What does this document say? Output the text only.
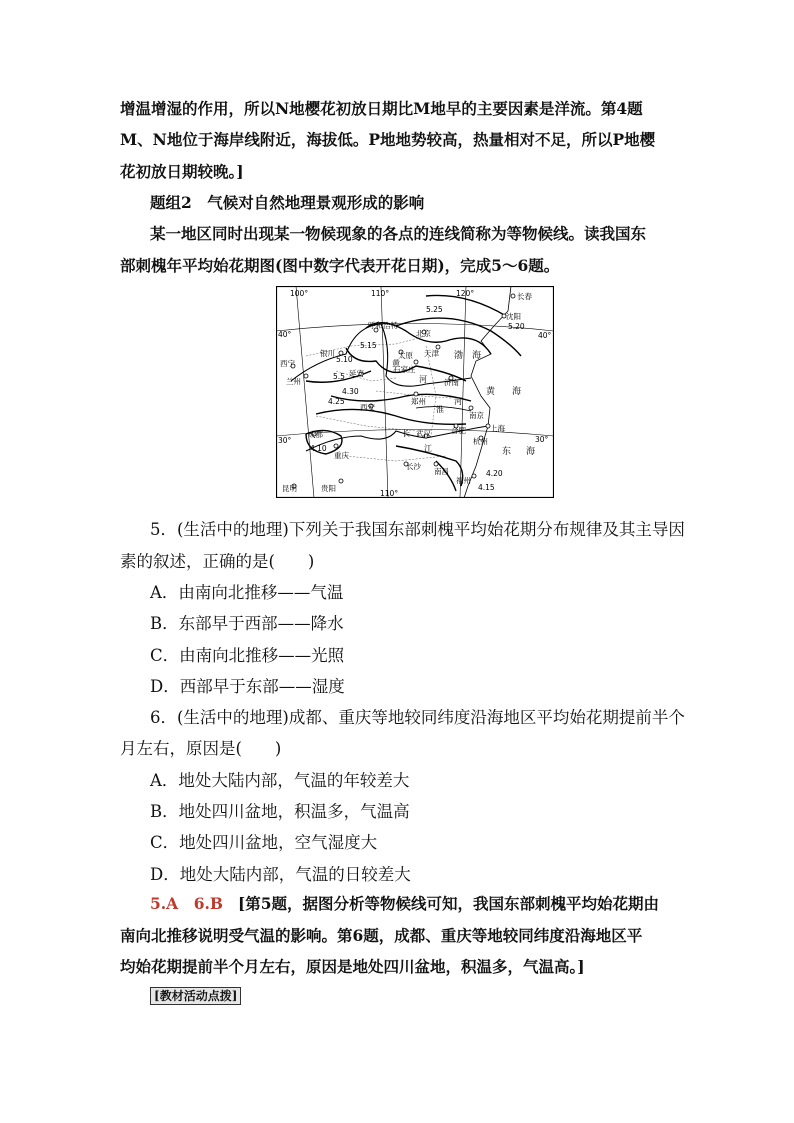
增温增湿的作用，所以N地樱花初放日期比M地早的主要因素是洋流。第4题
M、N地位于海岸线附近，海拔低。P地地势较高，热量相对不足，所以P地樱
花初放日期较晚。]
题组2　气候对自然地理景观形成的影响
某一地区同时出现某一物候现象的各点的连线简称为等物候线。读我国东
部刺槐年平均始花期图(图中数字代表开花日期)，完成5～6题。
100°	110°	120°
110°
40°	40°
30°	30°
长春
沈阳
呼和浩特
北京
银川
西宁
兰州
太原 天津
石家庄
延安
济南
郑州
西安
南京
上海
合肥
武汉
杭州
成都
重庆
长沙
南昌
福州
贵阳
昆明
渤 海
黄 海
东 海
黄
河
淮
河
长
江
5.25
5.20
5.15
5.10
5.5
4.30
4.25
4.20
4.15
4.10
5．(生活中的地理)下列关于我国东部刺槐平均始花期分布规律及其主导因
素的叙述，正确的是(　　)
A．由南向北推移——气温
B．东部早于西部——降水
C．由南向北推移——光照
D．西部早于东部——湿度
6．(生活中的地理)成都、重庆等地较同纬度沿海地区平均始花期提前半个
月左右，原因是(　　)
A．地处大陆内部，气温的年较差大
B．地处四川盆地，积温多，气温高
C．地处四川盆地，空气湿度大
D．地处大陆内部，气温的日较差大
5.A　6.B [第5题，据图分析等物候线可知，我国东部刺槐平均始花期由
南向北推移说明受气温的影响。第6题，成都、重庆等地较同纬度沿海地区平
均始花期提前半个月左右，原因是地处四川盆地，积温多，气温高。]
[教材活动点拨]
